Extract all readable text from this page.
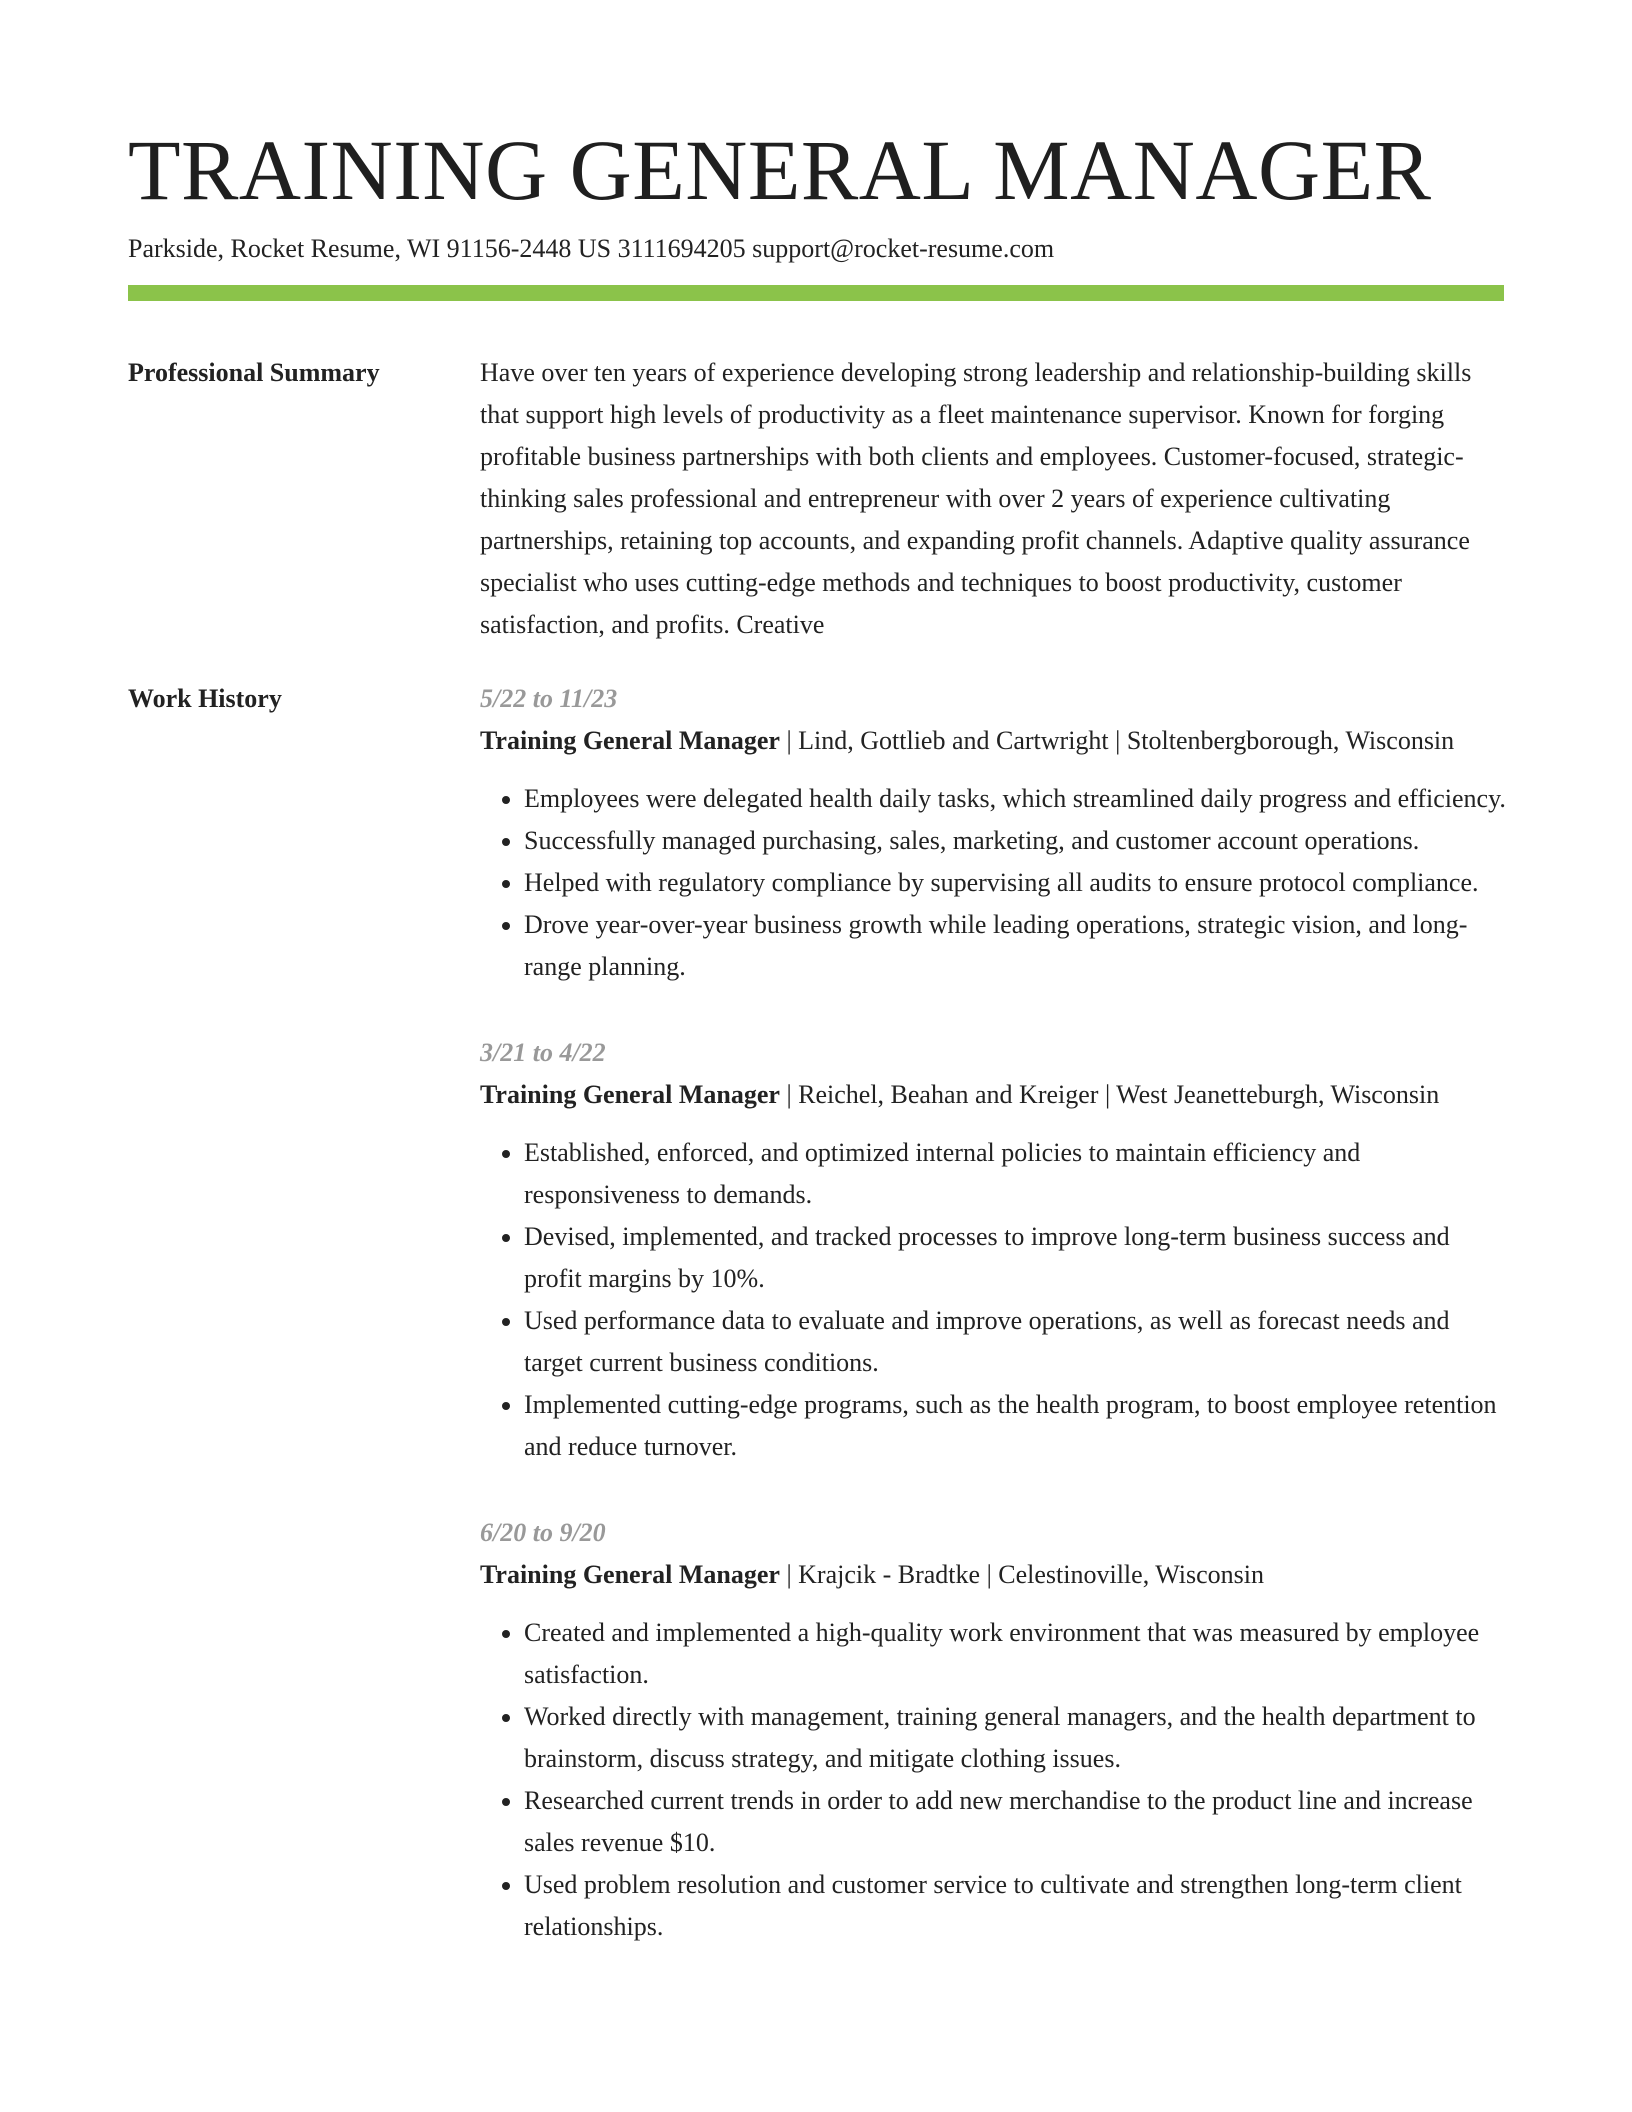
TRAINING GENERAL MANAGER
Parkside, Rocket Resume, WI 91156-2448 US 3111694205 support@rocket-resume.com
Professional Summary	Have over ten years of experience developing strong leadership and relationship-building skills that support high levels of productivity as a fleet maintenance supervisor. Known for forging profitable business partnerships with both clients and employees. Customer-focused, strategic-thinking sales professional and entrepreneur with over 2 years of experience cultivating partnerships, retaining top accounts, and expanding profit channels. Adaptive quality assurance specialist who uses cutting-edge methods and techniques to boost productivity, customer satisfaction, and profits. Creative

Work History	5/22 to 11/23
Training General Manager | Lind, Gottlieb and Cartwright | Stoltenbergborough, Wisconsin
• Employees were delegated health daily tasks, which streamlined daily progress and efficiency.
• Successfully managed purchasing, sales, marketing, and customer account operations.
• Helped with regulatory compliance by supervising all audits to ensure protocol compliance.
• Drove year-over-year business growth while leading operations, strategic vision, and long-range planning.
3/21 to 4/22
Training General Manager | Reichel, Beahan and Kreiger | West Jeanetteburgh, Wisconsin
• Established, enforced, and optimized internal policies to maintain efficiency and responsiveness to demands.
• Devised, implemented, and tracked processes to improve long-term business success and profit margins by 10%.
• Used performance data to evaluate and improve operations, as well as forecast needs and target current business conditions.
• Implemented cutting-edge programs, such as the health program, to boost employee retention and reduce turnover.
6/20 to 9/20
Training General Manager | Krajcik - Bradtke | Celestinoville, Wisconsin
• Created and implemented a high-quality work environment that was measured by employee satisfaction.
• Worked directly with management, training general managers, and the health department to brainstorm, discuss strategy, and mitigate clothing issues.
• Researched current trends in order to add new merchandise to the product line and increase sales revenue $10.
• Used problem resolution and customer service to cultivate and strengthen long-term client relationships.
